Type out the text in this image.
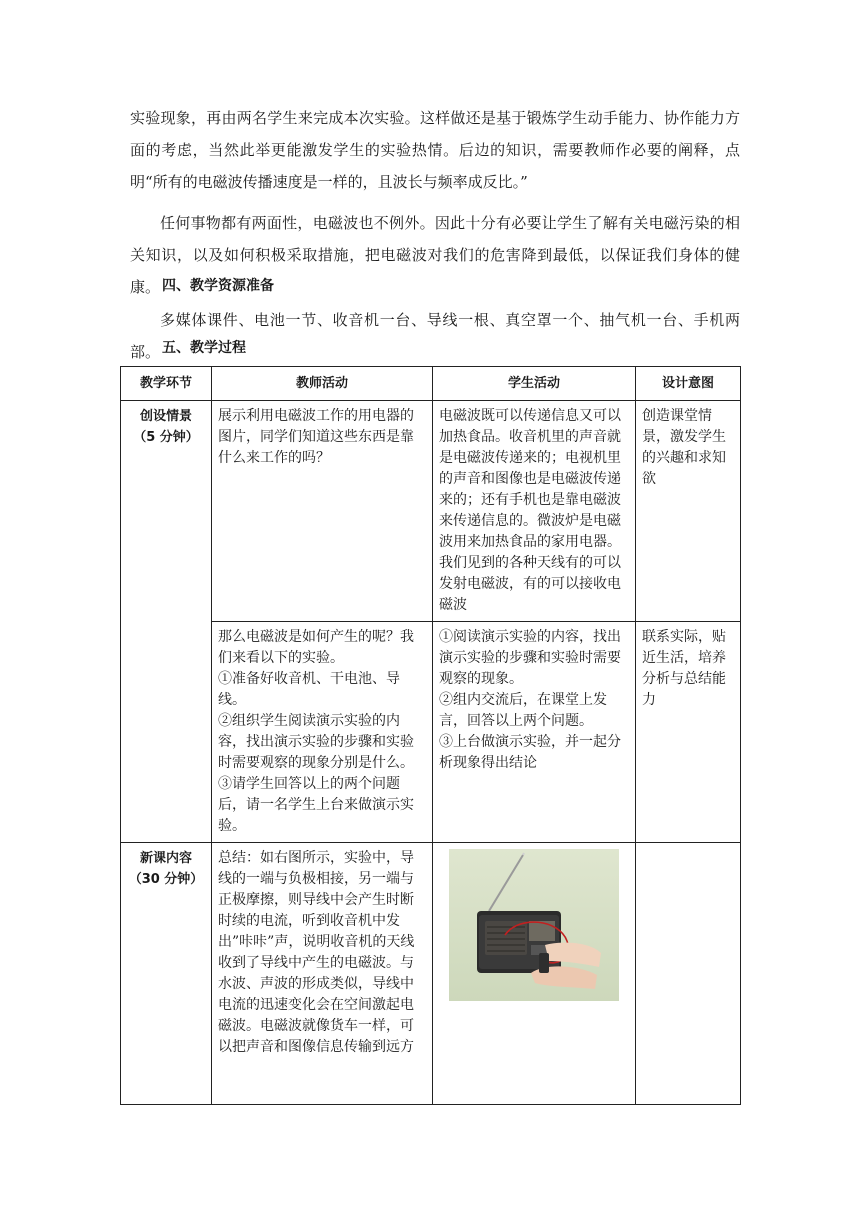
实验现象，再由两名学生来完成本次实验。这样做还是基于锻炼学生动手能力、协作能力方面的考虑，当然此举更能激发学生的实验热情。后边的知识，需要教师作必要的阐释，点明“所有的电磁波传播速度是一样的，且波长与频率成反比。”
任何事物都有两面性，电磁波也不例外。因此十分有必要让学生了解有关电磁污染的相关知识，以及如何积极采取措施，把电磁波对我们的危害降到最低，以保证我们身体的健康。 四、教学资源准备
多媒体课件、电池一节、收音机一台、导线一根、真空罩一个、抽气机一台、手机两部。 五、教学过程
教学环节	教师活动	学生活动	设计意图

创设情景
（5 分钟）	展示利用电磁波工作的用电器的图片，同学们知道这些东西是靠什么来工作的吗？	电磁波既可以传递信息又可以加热食品。收音机里的声音就是电磁波传递来的；电视机里的声音和图像也是电磁波传递来的；还有手机也是靠电磁波来传递信息的。微波炉是电磁波用来加热食品的家用电器。我们见到的各种天线有的可以发射电磁波，有的可以接收电磁波	创造课堂情景，激发学生的兴趣和求知欲

	那么电磁波是如何产生的呢？我们来看以下的实验。
①准备好收音机、干电池、导线。
②组织学生阅读演示实验的内容，找出演示实验的步骤和实验时需要观察的现象分别是什么。
③请学生回答以上的两个问题后，请一名学生上台来做演示实验。	①阅读演示实验的内容，找出演示实验的步骤和实验时需要观察的现象。
②组内交流后，在课堂上发言，回答以上两个问题。
③上台做演示实验，并一起分析现象得出结论	联系实际，贴近生活，培养分析与总结能力

新课内容
（30 分钟）	总结：如右图所示，实验中，导线的一端与负极相接，另一端与正极摩擦，则导线中会产生时断时续的电流，听到收音机中发出”咔咔”声，说明收音机的天线收到了导线中产生的电磁波。与水波、声波的形成类似，导线中电流的迅速变化会在空间激起电磁波。电磁波就像货车一样，可以把声音和图像信息传输到远方
